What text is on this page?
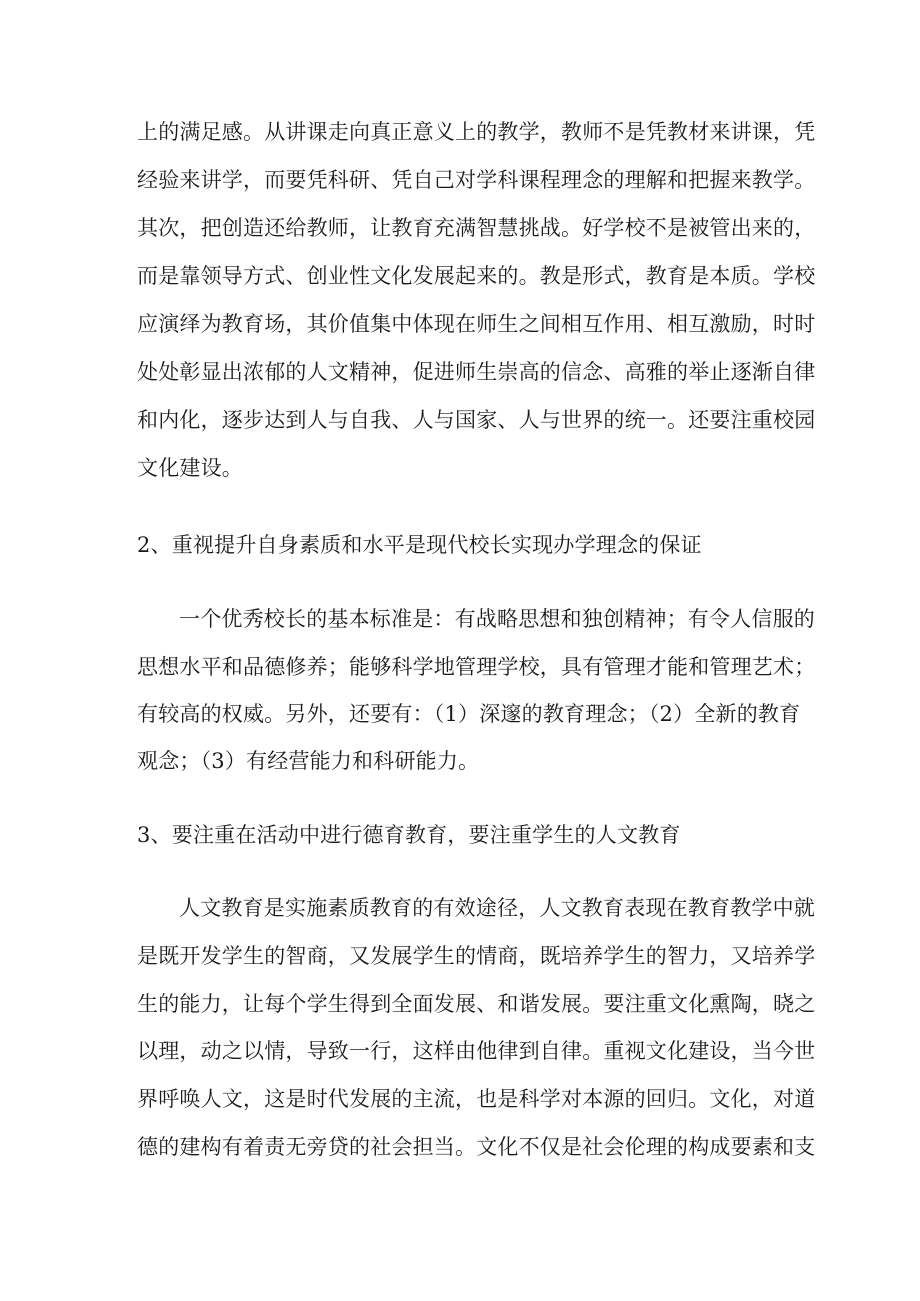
上的满足感。从讲课走向真正意义上的教学，教师不是凭教材来讲课，凭

经验来讲学，而要凭科研、凭自己对学科课程理念的理解和把握来教学。

其次，把创造还给教师，让教育充满智慧挑战。好学校不是被管出来的，

而是靠领导方式、创业性文化发展起来的。教是形式，教育是本质。学校

应演绎为教育场，其价值集中体现在师生之间相互作用、相互激励，时时

处处彰显出浓郁的人文精神，促进师生崇高的信念、高雅的举止逐渐自律

和内化，逐步达到人与自我、人与国家、人与世界的统一。还要注重校园

文化建设。

2、重视提升自身素质和水平是现代校长实现办学理念的保证

一个优秀校长的基本标准是：有战略思想和独创精神；有令人信服的

思想水平和品德修养；能够科学地管理学校，具有管理才能和管理艺术；

有较高的权威。另外，还要有：（1）深邃的教育理念；（2）全新的教育

观念；（3）有经营能力和科研能力。

3、要注重在活动中进行德育教育，要注重学生的人文教育

人文教育是实施素质教育的有效途径，人文教育表现在教育教学中就

是既开发学生的智商，又发展学生的情商，既培养学生的智力，又培养学

生的能力，让每个学生得到全面发展、和谐发展。要注重文化熏陶，晓之

以理，动之以情，导致一行，这样由他律到自律。重视文化建设，当今世

界呼唤人文，这是时代发展的主流，也是科学对本源的回归。文化，对道

德的建构有着责无旁贷的社会担当。文化不仅是社会伦理的构成要素和支
